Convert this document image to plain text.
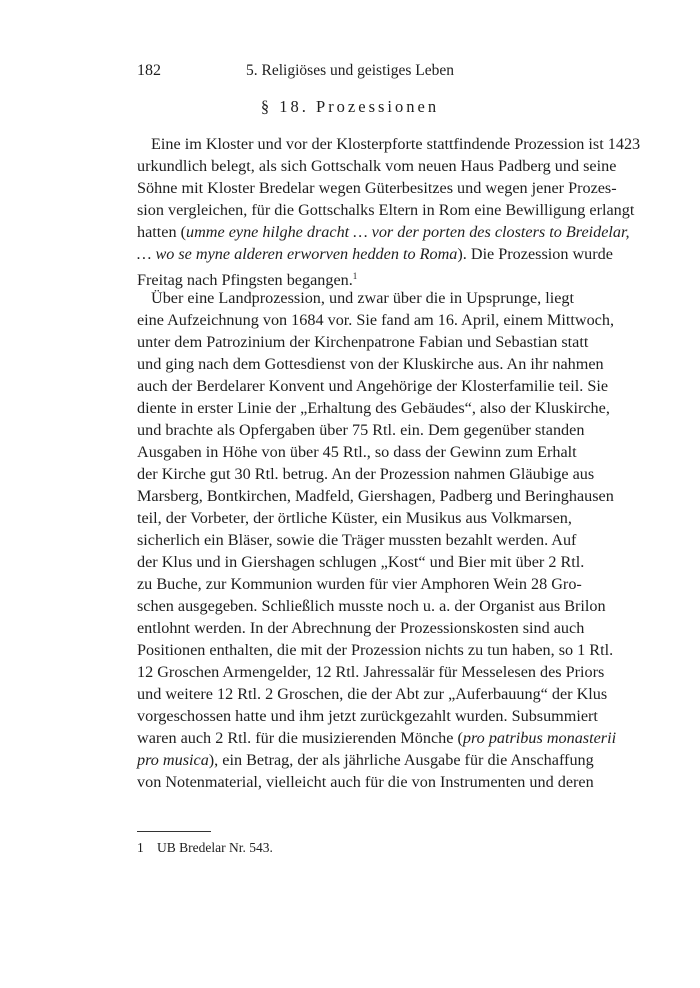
182	5. Religiöses und geistiges Leben
§ 18. Prozessionen
Eine im Kloster und vor der Klosterpforte stattfindende Prozession ist 1423
urkundlich belegt, als sich Gottschalk vom neuen Haus Padberg und seine
Söhne mit Kloster Bredelar wegen Güterbesitzes und wegen jener Prozes-
sion vergleichen, für die Gottschalks Eltern in Rom eine Bewilligung erlangt
hatten (umme eyne hilghe dracht … vor der porten des closters to Breidelar,
… wo se myne alderen erworven hedden to Roma). Die Prozession wurde
Freitag nach Pfingsten begangen.$^1$
Über eine Landprozession, und zwar über die in Upsprunge, liegt
eine Aufzeichnung von 1684 vor. Sie fand am 16. April, einem Mittwoch,
unter dem Patrozinium der Kirchenpatrone Fabian und Sebastian statt
und ging nach dem Gottesdienst von der Kluskirche aus. An ihr nahmen
auch der Berdelarer Konvent und Angehörige der Klosterfamilie teil. Sie
diente in erster Linie der „Erhaltung des Gebäudes“, also der Kluskirche,
und brachte als Opfergaben über 75 Rtl. ein. Dem gegenüber standen
Ausgaben in Höhe von über 45 Rtl., so dass der Gewinn zum Erhalt
der Kirche gut 30 Rtl. betrug. An der Prozession nahmen Gläubige aus
Marsberg, Bontkirchen, Madfeld, Giershagen, Padberg und Beringhausen
teil, der Vorbeter, der örtliche Küster, ein Musikus aus Volkmarsen,
sicherlich ein Bläser, sowie die Träger mussten bezahlt werden. Auf
der Klus und in Giershagen schlugen „Kost“ und Bier mit über 2 Rtl.
zu Buche, zur Kommunion wurden für vier Amphoren Wein 28 Gro-
schen ausgegeben. Schließlich musste noch u. a. der Organist aus Brilon
entlohnt werden. In der Abrechnung der Prozessionskosten sind auch
Positionen enthalten, die mit der Prozession nichts zu tun haben, so 1 Rtl.
12 Groschen Armengelder, 12 Rtl. Jahressalär für Messelesen des Priors
und weitere 12 Rtl. 2 Groschen, die der Abt zur „Auferbauung“ der Klus
vorgeschossen hatte und ihm jetzt zurückgezahlt wurden. Subsummiert
waren auch 2 Rtl. für die musizierenden Mönche (pro patribus monasterii
pro musica), ein Betrag, der als jährliche Ausgabe für die Anschaffung
von Notenmaterial, vielleicht auch für die von Instrumenten und deren
1 UB Bredelar Nr. 543.
